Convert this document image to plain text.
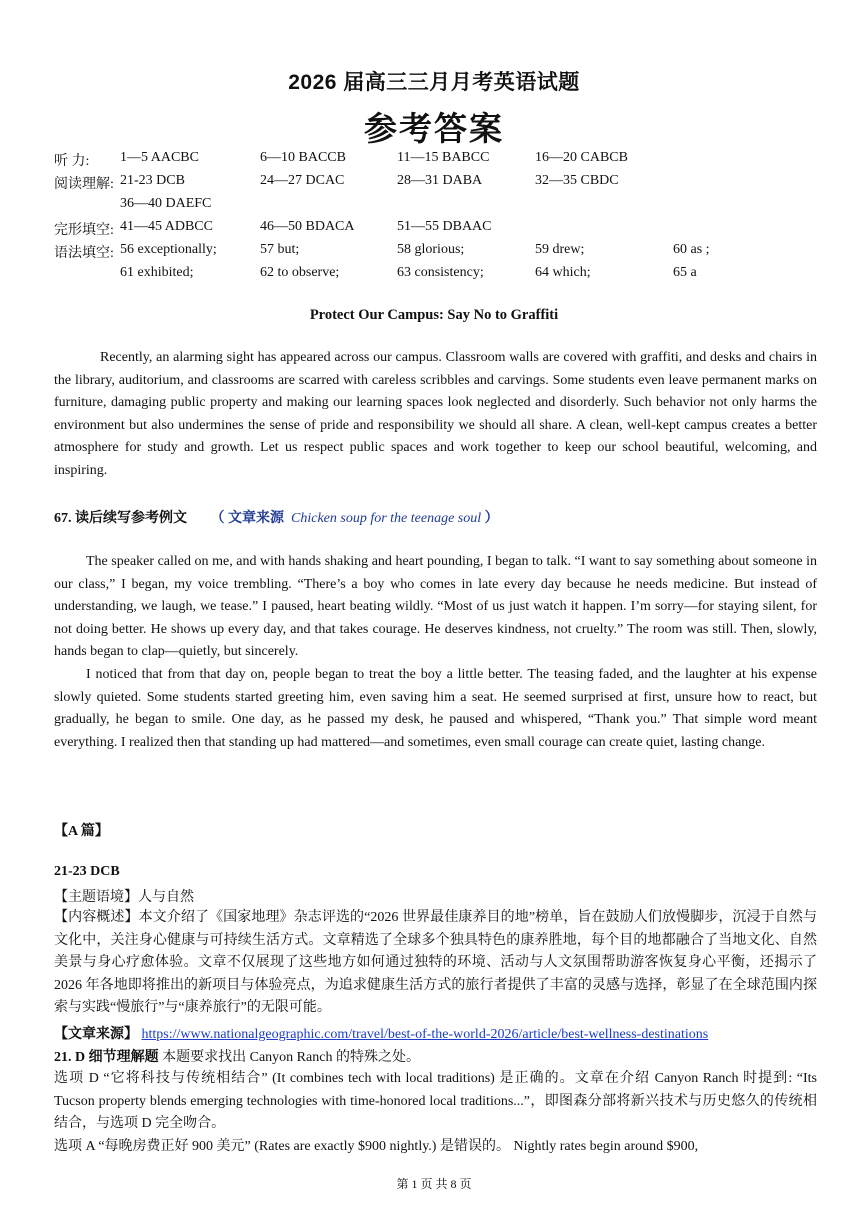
2026 届高三三月月考英语试题
参考答案
听 力: 1—5 AACBC	6—10 BACCB	11—15 BABCC	16—20 CABCB
阅读理解: 21-23 DCB	24—27 DCAC	28—31 DABA	32—35 CBDC
36—40 DAEFC
完形填空: 41—45 ADBCC	46—50 BDACA	51—55 DBAAC
语法填空: 56 exceptionally;	57 but;	58 glorious;	59 drew;	60 as ;
61 exhibited;	62 to observe;	63 consistency;	64 which;	65 a
Protect Our Campus: Say No to Graffiti

Recently, an alarming sight has appeared across our campus. Classroom walls are covered with graffiti, and desks and chairs in the library, auditorium, and classrooms are scarred with careless scribbles and carvings. Some students even leave permanent marks on furniture, damaging public property and making our learning spaces look neglected and disorderly. Such behavior not only harms the environment but also undermines the sense of pride and responsibility we should all share. A clean, well-kept campus creates a better atmosphere for study and growth. Let us respect public spaces and work together to keep our school beautiful, welcoming, and inspiring.

67. 读后续写参考例文 （ 文章来源 Chicken soup for the teenage soul ）

The speaker called on me, and with hands shaking and heart pounding, I began to talk. “I want to say something about someone in our class,” I began, my voice trembling. “There’s a boy who comes in late every day because he needs medicine. But instead of understanding, we laugh, we tease.” I paused, heart beating wildly. “Most of us just watch it happen. I’m sorry—for staying silent, for not doing better. He shows up every day, and that takes courage. He deserves kindness, not cruelty.” The room was still. Then, slowly, hands began to clap—quietly, but sincerely.

I noticed that from that day on, people began to treat the boy a little better. The teasing faded, and the laughter at his expense slowly quieted. Some students started greeting him, even saving him a seat. He seemed surprised at first, unsure how to react, but gradually, he began to smile. One day, as he passed my desk, he paused and whispered, “Thank you.” That simple word meant everything. I realized then that standing up had mattered—and sometimes, even small courage can create quiet, lasting change.

【A 篇】
21-23 DCB
【主题语境】人与自然

【内容概述】本文介绍了《国家地理》杂志评选的“2026 世界最佳康养目的地”榜单，旨在鼓励人们放慢脚步，沉浸于自然与文化中，关注身心健康与可持续生活方式。文章精选了全球多个独具特色的康养胜地，每个目的地都融合了当地文化、自然美景与身心疗愈体验。文章不仅展现了这些地方如何通过独特的环境、活动与人文氛围帮助游客恢复身心平衡，还揭示了 2026 年各地即将推出的新项目与体验亮点，为追求健康生活方式的旅行者提供了丰富的灵感与选择，彰显了在全球范围内探索与实践“慢旅行”与“康养旅行”的无限可能。

【文章来源】 https://www.nationalgeographic.com/travel/best-of-the-world-2026/article/best-wellness-destinations
21. D 细节理解题 本题要求找出 Canyon Ranch 的特殊之处。

选项 D “它将科技与传统相结合” (It combines tech with local traditions) 是正确的。文章在介绍 Canyon Ranch 时提到: “Its Tucson property blends emerging technologies with time-honored local traditions...”，即图森分部将新兴技术与历史悠久的传统相结合，与选项 D 完全吻合。

选项 A “每晚房费正好 900 美元” (Rates are exactly $900 nightly.) 是错误的。 Nightly rates begin around $900,

第 1 页 共 8 页
